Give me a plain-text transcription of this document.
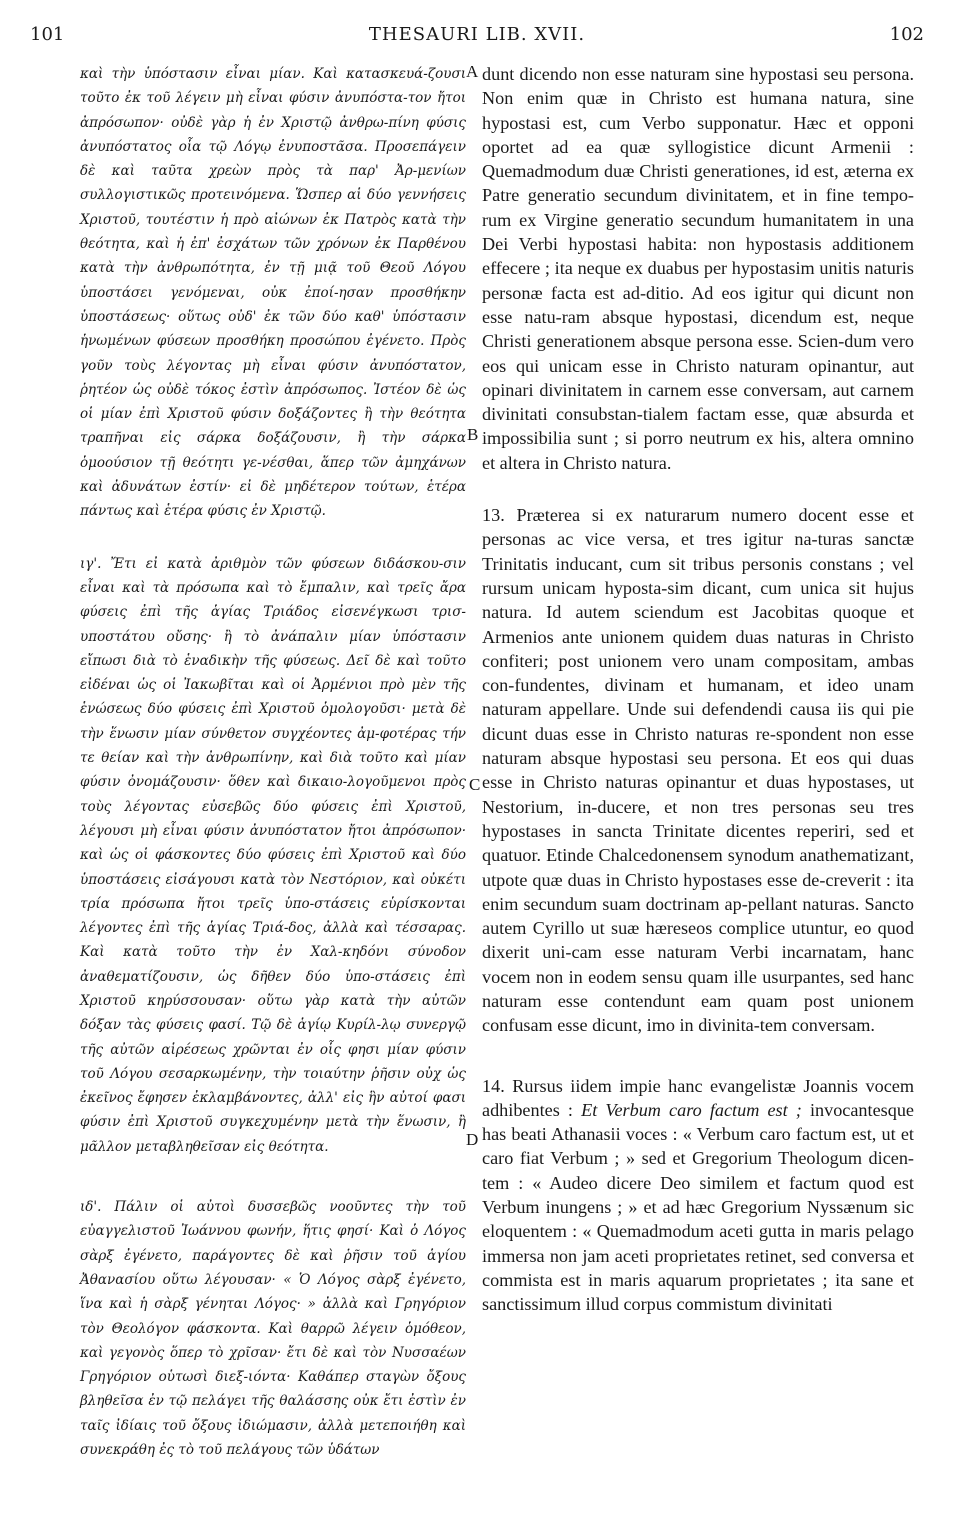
101	THESAURI LIB. XVII.	102

καὶ τὴν ὑπόστασιν εἶναι μίαν. Καὶ κατασκευά-ζουσι τοῦτο ἐκ τοῦ λέγειν μὴ εἶναι φύσιν ἀνυπόστα-τον ἤτοι ἀπρόσωπον· οὐδὲ γὰρ ἡ ἐν Χριστῷ ἀνθρω-πίνη φύσις ἀνυπόστατος οἷα τῷ Λόγῳ ἐνυποστᾶσα. Προσεπάγειν δὲ καὶ ταῦτα χρεὼν πρὸς τὰ παρ' Ἀρ-μενίων συλλογιστικῶς προτεινόμενα. Ὥσπερ αἱ δύο γεννήσεις Χριστοῦ, τουτέστιν ἡ πρὸ αἰώνων ἐκ Πατρὸς κατὰ τὴν θεότητα, καὶ ἡ ἐπ' ἐσχάτων τῶν χρόνων ἐκ Παρθένου κατὰ τὴν ἀνθρωπότητα, ἐν τῇ μιᾷ τοῦ Θεοῦ Λόγου ὑποστάσει γενόμεναι, οὐκ ἐποί-ησαν προσθήκην ὑποστάσεως· οὕτως οὐδ' ἐκ τῶν δύο καθ' ὑπόστασιν ἡνωμένων φύσεων προσθήκη προσώπου ἐγένετο. Πρὸς γοῦν τοὺς λέγοντας μὴ εἶναι φύσιν ἀνυπόστατον, ῥητέον ὡς οὐδὲ τόκος ἐστὶν ἀπρόσωπος. Ἰστέον δὲ ὡς οἱ μίαν ἐπὶ Χριστοῦ φύσιν δοξάζοντες ἢ τὴν θεότητα τραπῆναι εἰς σάρκα δοξάζουσιν, ἢ τὴν σάρκα ὁμοούσιον τῇ θεότητι γε-νέσθαι, ἅπερ τῶν ἀμηχάνων καὶ ἀδυνάτων ἐστίν· εἰ δὲ μηδέτερον τούτων, ἑτέρα πάντως καὶ ἑτέρα φύσις ἐν Χριστῷ.

ιγ'. Ἔτι εἰ κατὰ ἀριθμὸν τῶν φύσεων διδάσκου-σιν εἶναι καὶ τὰ πρόσωπα καὶ τὸ ἔμπαλιν, καὶ τρεῖς ἄρα φύσεις ἐπὶ τῆς ἁγίας Τριάδος εἰσενέγκωσι τρισ-υποστάτου οὔσης· ἢ τὸ ἀνάπαλιν μίαν ὑπόστασιν εἴπωσι διὰ τὸ ἑναδικὴν τῆς φύσεως. Δεῖ δὲ καὶ τοῦτο εἰδέναι ὡς οἱ Ἰακωβῖται καὶ οἱ Ἀρμένιοι πρὸ μὲν τῆς ἑνώσεως δύο φύσεις ἐπὶ Χριστοῦ ὁμολογοῦσι· μετὰ δὲ τὴν ἕνωσιν μίαν σύνθετον συγχέοντες ἀμ-φοτέρας τήν τε θείαν καὶ τὴν ἀνθρωπίνην, καὶ διὰ τοῦτο καὶ μίαν φύσιν ὀνομάζουσιν· ὅθεν καὶ δικαιο-λογοῦμενοι πρὸς τοὺς λέγοντας εὐσεβῶς δύο φύσεις ἐπὶ Χριστοῦ, λέγουσι μὴ εἶναι φύσιν ἀνυπόστατον ἤτοι ἀπρόσωπον· καὶ ὡς οἱ φάσκοντες δύο φύσεις ἐπὶ Χριστοῦ καὶ δύο ὑποστάσεις εἰσάγουσι κατὰ τὸν Νεστόριον, καὶ οὐκέτι τρία πρόσωπα ἤτοι τρεῖς ὑπο-στάσεις εὑρίσκονται λέγοντες ἐπὶ τῆς ἁγίας Τριά-δος, ἀλλὰ καὶ τέσσαρας. Καὶ κατὰ τοῦτο τὴν ἐν Χαλ-κηδόνι σύνοδον ἀναθεματίζουσιν, ὡς δῆθεν δύο ὑπο-στάσεις ἐπὶ Χριστοῦ κηρύσσουσαν· οὕτω γὰρ κατὰ τὴν αὐτῶν δόξαν τὰς φύσεις φασί. Τῷ δὲ ἁγίῳ Κυρίλ-λῳ συνεργῷ τῆς αὐτῶν αἱρέσεως χρῶνται ἐν οἷς φησι μίαν φύσιν τοῦ Λόγου σεσαρκωμένην, τὴν τοιαύτην ῥῆσιν οὐχ ὡς ἐκεῖνος ἔφησεν ἐκλαμβάνοντες, ἀλλ' εἰς ἣν αὐτοί φασι φύσιν ἐπὶ Χριστοῦ συγκεχυμένην μετὰ τὴν ἕνωσιν, ἢ μᾶλλον μεταβληθεῖσαν εἰς θεότητα.

ιδ'. Πάλιν οἱ αὐτοὶ δυσσεβῶς νοοῦντες τὴν τοῦ εὐαγγελιστοῦ Ἰωάννου φωνήν, ἥτις φησί· Καὶ ὁ Λόγος σὰρξ ἐγένετο, παράγοντες δὲ καὶ ῥῆσιν τοῦ ἁγίου Ἀθανασίου οὕτω λέγουσαν· « Ὁ Λόγος σὰρξ ἐγένετο, ἵνα καὶ ἡ σὰρξ γένηται Λόγος· » ἀλλὰ καὶ Γρηγόριον τὸν Θεολόγον φάσκοντα. Καὶ θαρρῶ λέγειν ὁμόθεον, καὶ γεγονὸς ὅπερ τὸ χρῖσαν· ἔτι δὲ καὶ τὸν Νυσσαέων Γρηγόριον οὑτωσὶ διεξ-ιόντα· Καθάπερ σταγὼν ὄξους βληθεῖσα ἐν τῷ πελάγει τῆς θαλάσσης οὐκ ἔτι ἐστὶν ἐν ταῖς ἰδίαις τοῦ ὄξους ἰδιώμασιν, ἀλλὰ μετεποιήθη καὶ συνεκράθη ἐς τὸ τοῦ πελάγους τῶν ὑδάτων

A
B
C
D

dunt dicendo non esse naturam sine hypostasi seu persona. Non enim quæ in Christo est humana natura, sine hypostasi est, cum Verbo supponatur. Hæc et opponi oportet ad ea quæ syllogistice dicunt Armenii : Quemadmodum duæ Christi generationes, id est, æterna ex Patre generatio secundum divinitatem, et in fine tempo-rum ex Virgine generatio secundum humanitatem in una Dei Verbi hypostasi habita: non hypostasis additionem effecere ; ita neque ex duabus per hypostasim unitis naturis personæ facta est ad-ditio. Ad eos igitur qui dicunt non esse natu-ram absque hypostasi, dicendum est, neque Christi generationem absque persona esse. Scien-dum vero eos qui unicam esse in Christo naturam opinantur, aut opinari divinitatem in carnem esse conversam, aut carnem divinitati consubstan-tialem factam esse, quæ absurda et impossibilia sunt ; si porro neutrum ex his, altera omnino et altera in Christo natura.

13. Præterea si ex naturarum numero docent esse et personas ac vice versa, et tres igitur na-turas sanctæ Trinitatis inducant, cum sit tribus personis constans ; vel rursum unicam hyposta-sim dicant, cum unica sit hujus natura. Id autem sciendum est Jacobitas quoque et Armenios ante unionem quidem duas naturas in Christo confiteri; post unionem vero unam compositam, ambas con-fundentes, divinam et humanam, et ideo unam naturam appellare. Unde sui defendendi causa iis qui pie dicunt duas esse in Christo naturas re-spondent non esse naturam absque hypostasi seu persona. Et eos qui duas esse in Christo naturas opinantur et duas hypostases, ut Nestorium, in-ducere, et non tres personas seu tres hypostases in sancta Trinitate dicentes reperiri, sed et quatuor. Etinde Chalcedonensem synodum anathematizant, utpote quæ duas in Christo hypostases esse de-creverit : ita enim secundum suam doctrinam ap-pellant naturas. Sancto autem Cyrillo ut suæ hæreseos complice utuntur, eo quod dixerit uni-cam esse naturam Verbi incarnatam, hanc vocem non in eodem sensu quam ille usurpantes, sed hanc naturam esse contendunt eam quam post unionem confusam esse dicunt, imo in divinita-tem conversam.

14. Rursus iidem impie hanc evangelistæ Joannis vocem adhibentes : Et Verbum caro factum est ; invocantesque has beati Athanasii voces : « Verbum caro factum est, ut et caro fiat Verbum ; » sed et Gregorium Theologum dicen-tem : « Audeo dicere Deo similem et factum quod est Verbum inungens ; » et ad hæc Gregorium Nyssænum sic eloquentem : « Quemadmodum aceti gutta in maris pelago immersa non jam aceti proprietates retinet, sed conversa et commista est in maris aquarum proprietates ; ita sane et sanctissimum illud corpus commistum divinitati
